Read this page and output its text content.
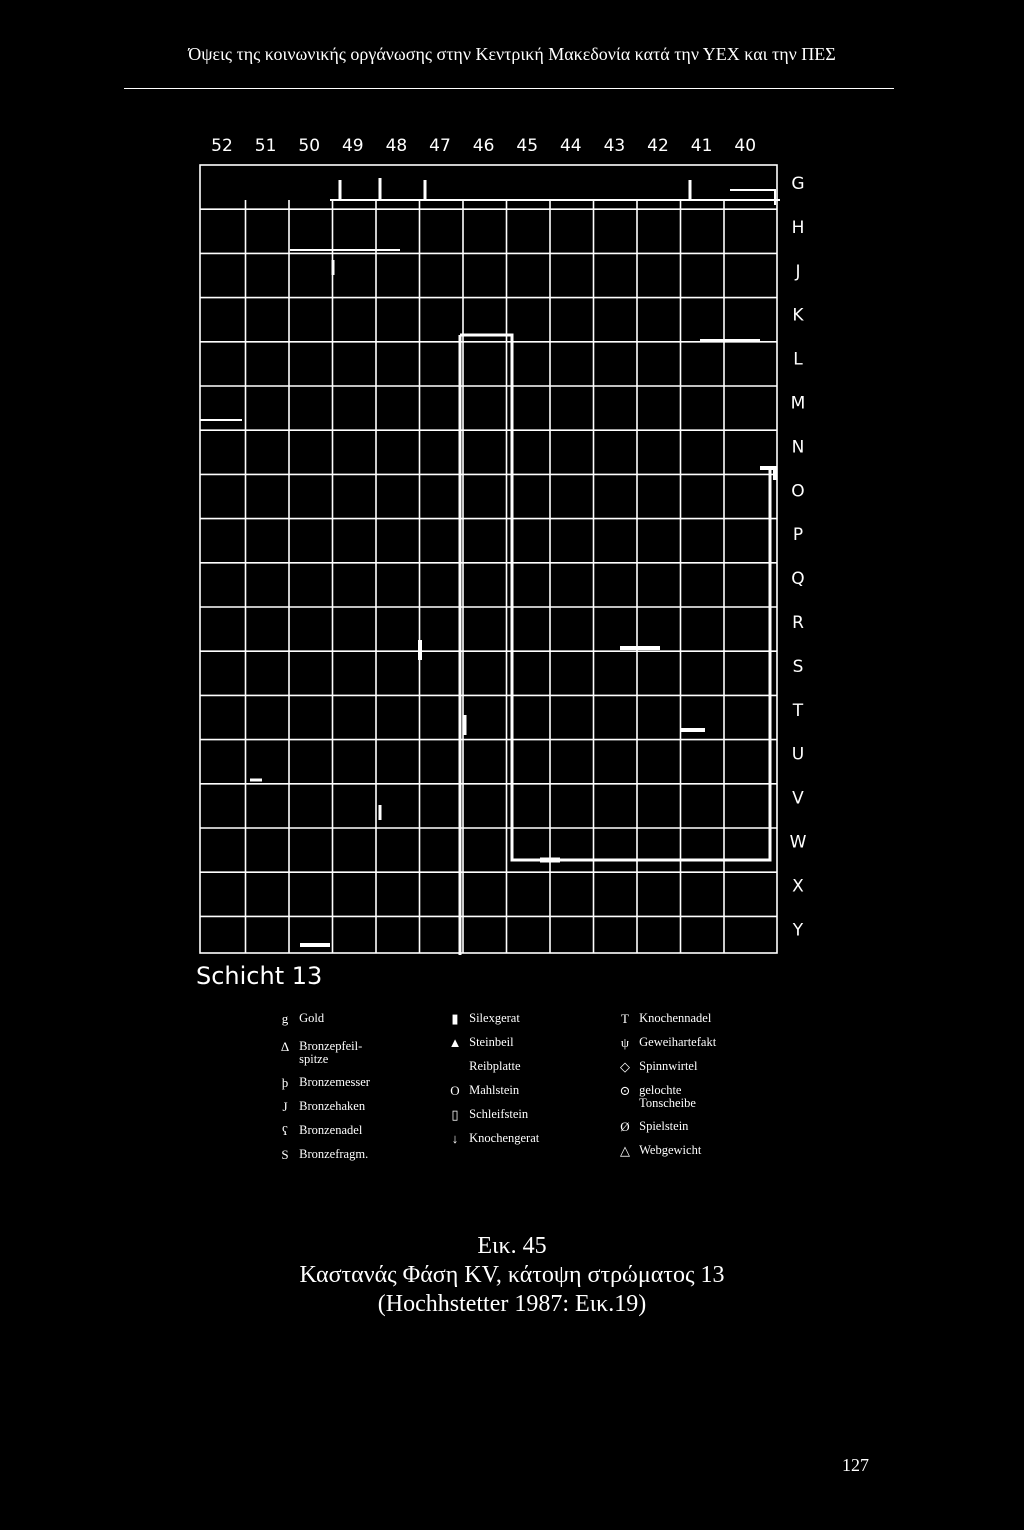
Όψεις της κοινωνικής οργάνωσης στην Κεντρική Μακεδονία κατά την ΥΕΧ και την ΠΕΣ
52 51 50 49 48 47 46 45 44 43 42 41 40
G
H
J
K
L
M
N
O
P
Q
R
S
T
U
V
W
X
Y
Schicht 13
g Gold
Δ Bronzepfeil-
spitze
þ Bronzemesser
J Bronzehaken
ʕ Bronzenadel
S Bronzefragm.
▮ Silexgerat
▲ Steinbeil
Reibplatte
O Mahlstein
▯ Schleifstein
↓ Knochengerat
T Knochennadel
ψ Geweihartefakt
◇ Spinnwirtel
⊙ gelochte
Tonscheibe
Ø Spielstein
△ Webgewicht
Εικ. 45
Καστανάς Φάση KV, κάτοψη στρώματος 13
(Hochhstetter 1987: Εικ.19)
127
